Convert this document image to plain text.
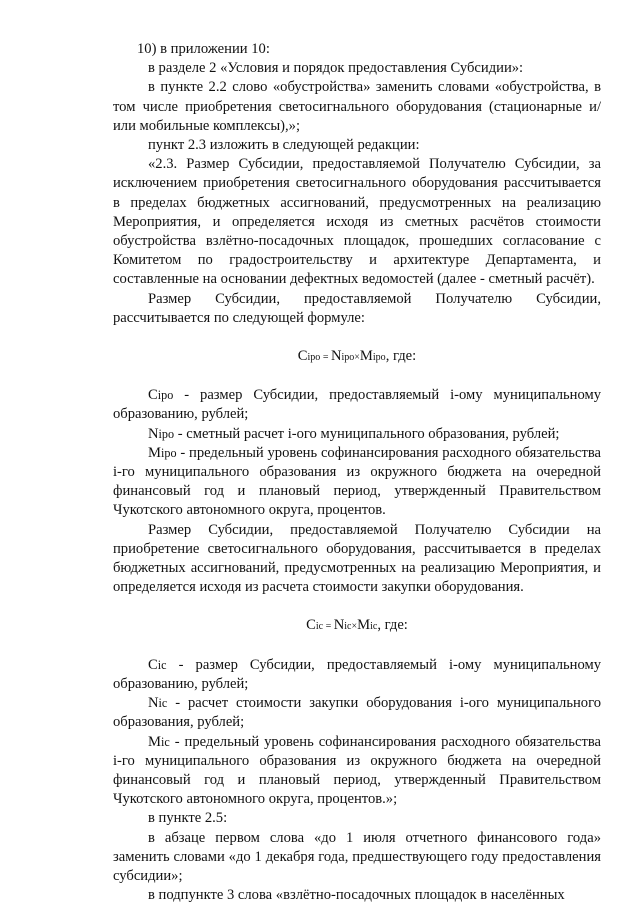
10) в приложении 10:

в разделе 2 «Условия и порядок предоставления Субсидии»:

в пункте 2.2 слово «обустройства» заменить словами «обустройства, в том числе приобретения светосигнального оборудования (стационарные и/или мобильные комплексы),»;

пункт 2.3 изложить в следующей редакции:

«2.3. Размер Субсидии, предоставляемой Получателю Субсидии, за исключением приобретения светосигнального оборудования рассчитывается в пределах бюджетных ассигнований, предусмотренных на реализацию Мероприятия, и определяется исходя из сметных расчётов стоимости обустройства взлётно-посадочных площадок, прошедших согласование с Комитетом по градостроительству и архитектуре Департамента, и составленные на основании дефектных ведомостей (далее - сметный расчёт).

Размер Субсидии, предоставляемой Получателю Субсидии, рассчитывается по следующей формуле:

Сipo = Nipo×Mipo, где:

Сipo - размер Субсидии, предоставляемый i-ому муниципальному образованию, рублей;

Nipo - сметный расчет i-ого муниципального образования, рублей;

Mipo - предельный уровень софинансирования расходного обязательства i-го муниципального образования из окружного бюджета на очередной финансовый год и плановый период, утвержденный Правительством Чукотского автономного округа, процентов.

Размер Субсидии, предоставляемой Получателю Субсидии на приобретение светосигнального оборудования, рассчитывается в пределах бюджетных ассигнований, предусмотренных на реализацию Мероприятия, и определяется исходя из расчета стоимости закупки оборудования.

Сic = Nic×Mic, где:

Сic - размер Субсидии, предоставляемый i-ому муниципальному образованию, рублей;

Nic - расчет стоимости закупки оборудования i-ого муниципального образования, рублей;

Mic - предельный уровень софинансирования расходного обязательства i-го муниципального образования из окружного бюджета на очередной финансовый год и плановый период, утвержденный Правительством Чукотского автономного округа, процентов.»;

в пункте 2.5:

в абзаце первом слова «до 1 июля отчетного финансового года» заменить словами «до 1 декабря года, предшествующего году предоставления субсидии»;

в подпункте 3 слова «взлётно-посадочных площадок в населённых
